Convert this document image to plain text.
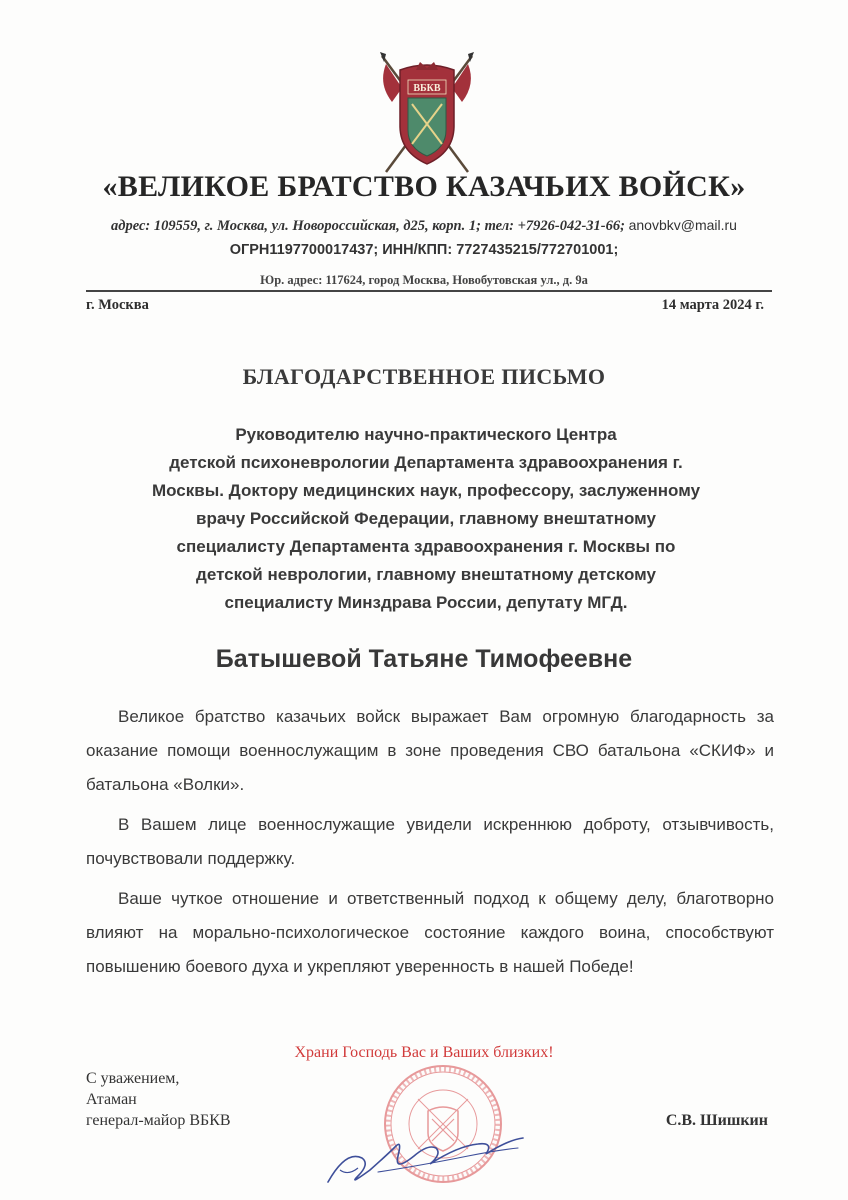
ВБКВ
«ВЕЛИКОЕ БРАТСТВО КАЗАЧЬИХ ВОЙСК»
адрес: 109559, г. Москва, ул. Новороссийская, д25, корп. 1; тел: +7926-042-31-66; anovbkv@mail.ru
ОГРН1197700017437; ИНН/КПП: 7727435215/772701001;
Юр. адрес: 117624, город Москва, Новобутовская ул., д. 9а
г. Москва	14 марта 2024 г.
БЛАГОДАРСТВЕННОЕ ПИСЬМО
Руководителю научно-практического Центра
детской психоневрологии Департамента здравоохранения г.
Москвы. Доктору медицинских наук, профессору, заслуженному
врачу Российской Федерации, главному внештатному
специалисту Департамента здравоохранения г. Москвы по
детской неврологии, главному внештатному детскому
специалисту Минздрава России, депутату МГД.
Батышевой Татьяне Тимофеевне

Великое братство казачьих войск выражает Вам огромную благодарность за оказание помощи военнослужащим в зоне проведения СВО батальона «СКИФ» и батальона «Волки».

В Вашем лице военнослужащие увидели искреннюю доброту, отзывчивость, почувствовали поддержку.

Ваше чуткое отношение и ответственный подход к общему делу, благотворно влияют на морально-психологическое состояние каждого воина, способствуют повышению боевого духа и укрепляют уверенность в нашей Победе!

Храни Господь Вас и Ваших близких!
С уважением,
Атаман
генерал-майор ВБКВ	С.В. Шишкин
